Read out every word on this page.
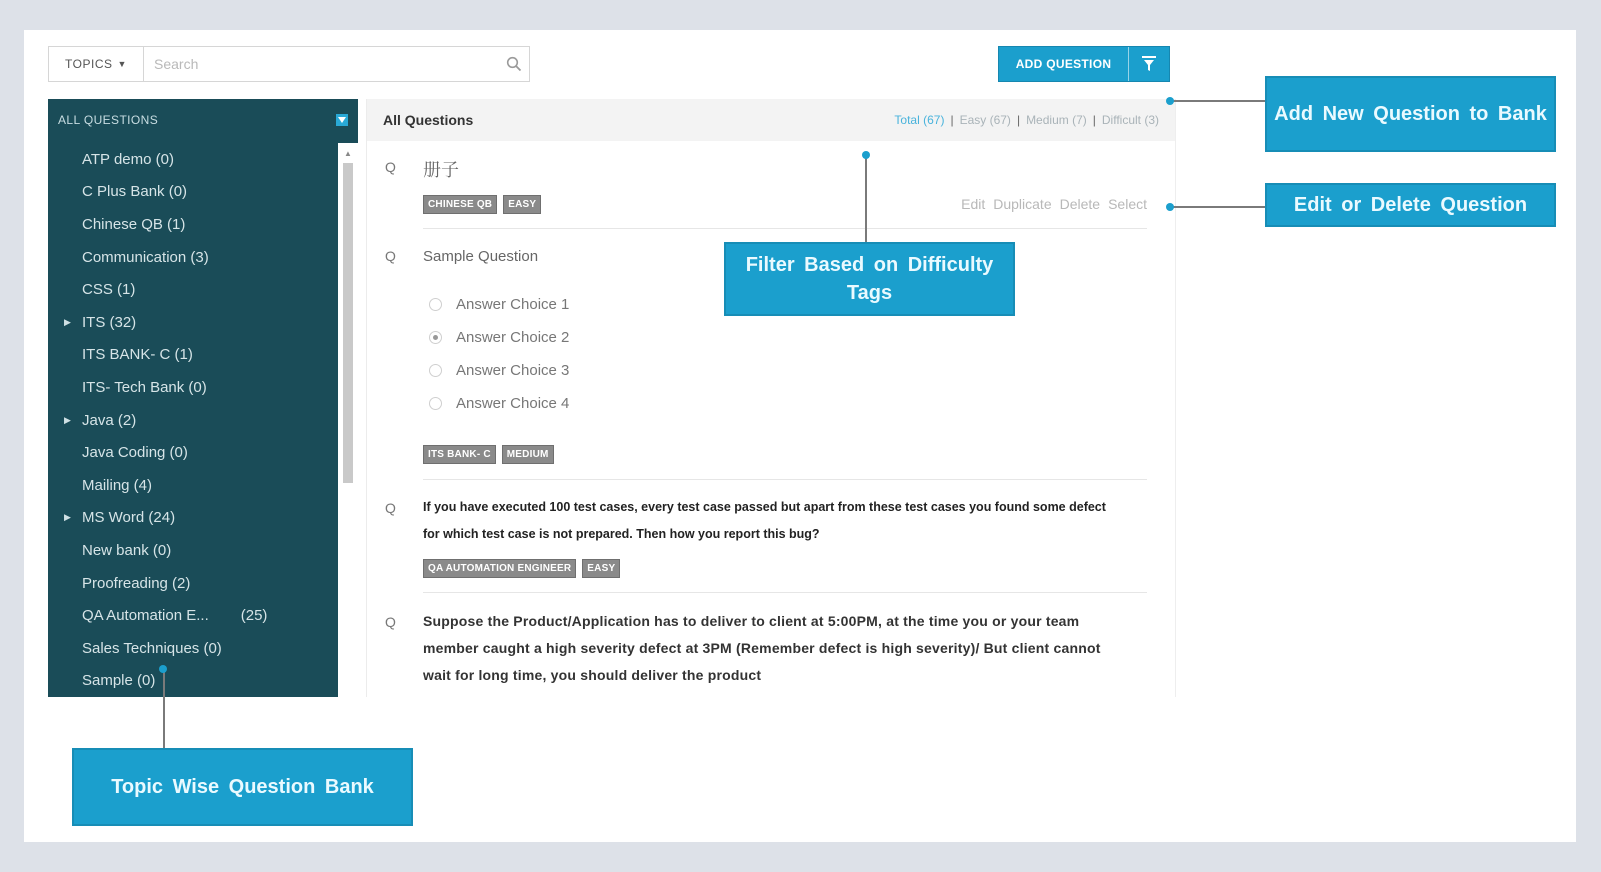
TOPICS ▼
Search	ADD QUESTION
ALL QUESTIONS
ATP demo (0)
C Plus Bank (0)
Chinese QB (1)
Communication (3)
CSS (1)
▶ ITS (32)
ITS BANK- C (1)
ITS- Tech Bank (0)
▶ Java (2)
Java Coding (0)
Mailing (4)
▶ MS Word (24)
New bank (0)
Proofreading (2)
QA Automation E... (25)
Sales Techniques (0)
Sample (0)
▲
All Questions	Total (67) | Easy (67) | Medium (7) | Difficult (3)
Q 册子
CHINESE QB	EASY	Edit Duplicate Delete Select
Q Sample Question
Answer Choice 1
Answer Choice 2
Answer Choice 3
Answer Choice 4
ITS BANK- C	MEDIUM
Q If you have executed 100 test cases, every test case passed but apart from these test cases you found some defect for which test case is not prepared. Then how you report this bug?
QA AUTOMATION ENGINEER	EASY
Q Suppose the Product/Application has to deliver to client at 5:00PM, at the time you or your team member caught a high severity defect at 3PM (Remember defect is high severity)/ But client cannot wait for long time, you should deliver the product
Add New Question to Bank
Edit or Delete Question
Filter Based on Difficulty Tags
Topic Wise Question Bank
